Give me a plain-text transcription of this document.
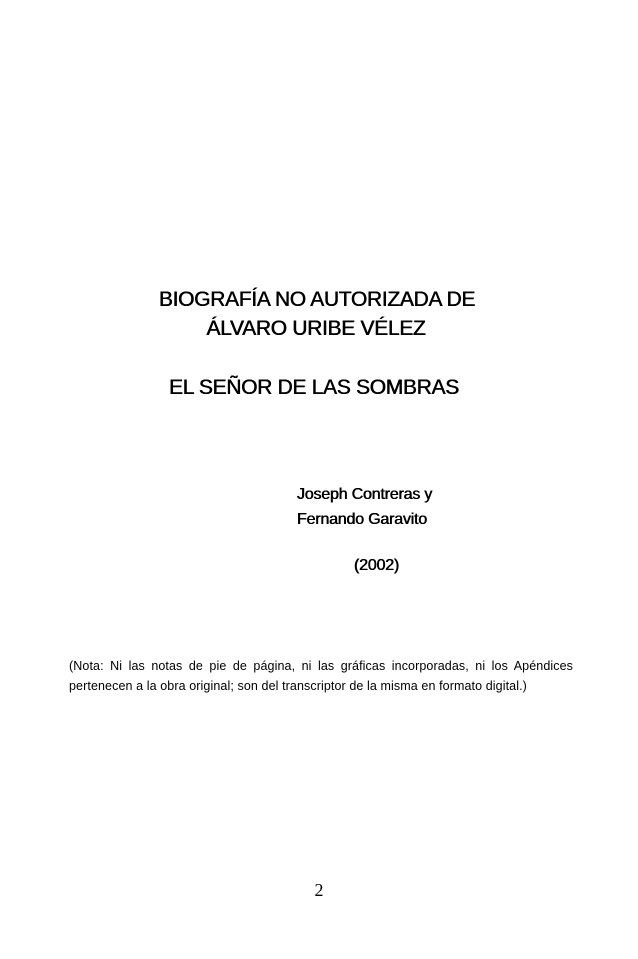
BIOGRAFÍA NO AUTORIZADA DE
ÁLVARO URIBE VÉLEZ
EL SEÑOR DE LAS SOMBRAS
Joseph Contreras y
Fernando Garavito
(2002)
(Nota: Ni las notas de pie de página, ni las gráficas incorporadas, ni los Apéndices pertenecen a la obra original; son del transcriptor de la misma en formato digital.)
2
